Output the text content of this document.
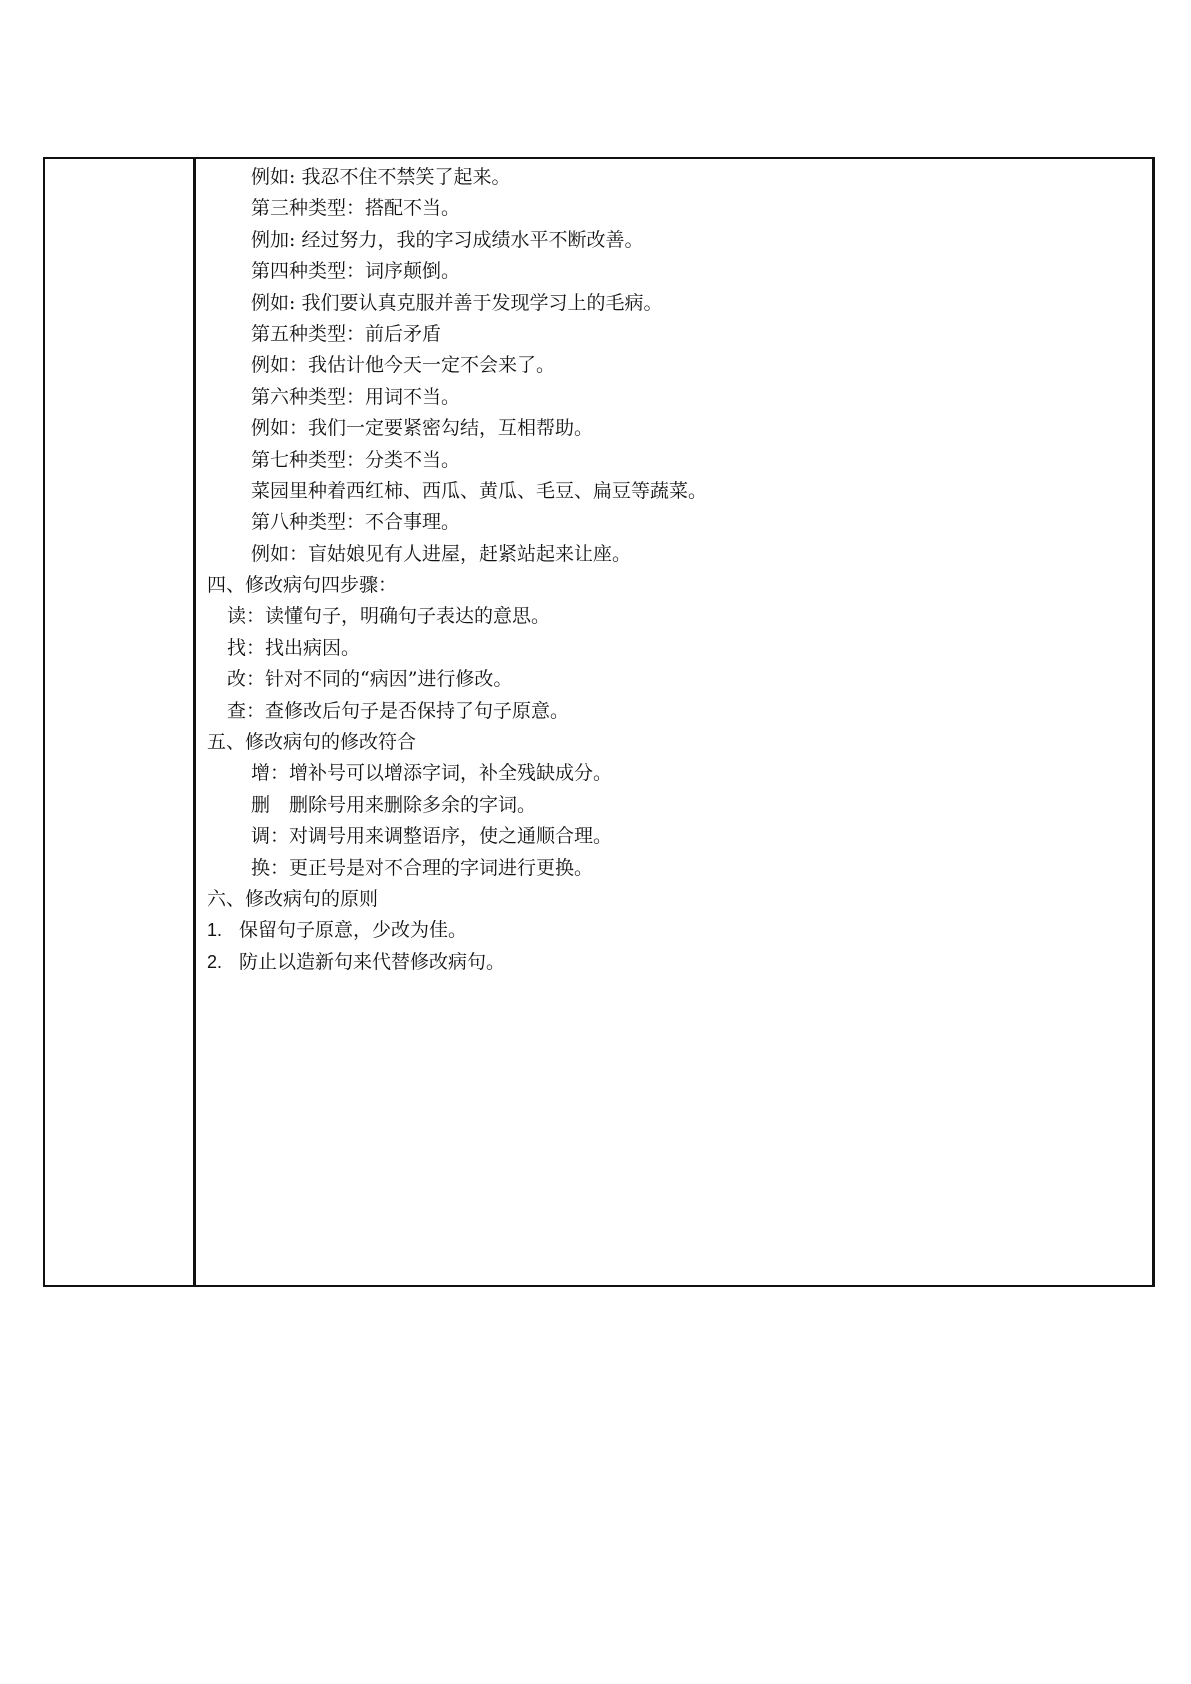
例如: 我忍不住不禁笑了起来。
第三种类型：搭配不当。
例加: 经过努力，我的字习成绩水平不断改善。
第四种类型：词序颠倒。
例如: 我们要认真克服并善于发现学习上的毛病。
第五种类型：前后矛盾
例如：我估计他今天一定不会来了。
第六种类型：用词不当。
例如：我们一定要紧密勾结，互相帮助。
第七种类型：分类不当。
菜园里种着西红柿、西瓜、黄瓜、毛豆、扁豆等蔬菜。
第八种类型：不合事理。
例如：盲姑娘见有人进屋，赶紧站起来让座。
四、修改病句四步骤：
读：读懂句子，明确句子表达的意思。
找：找出病因。
改：针对不同的“病因”进行修改。
查：查修改后句子是否保持了句子原意。
五、修改病句的修改符合
增：增补号可以增添字词，补全残缺成分。
删　删除号用来删除多余的字词。
调：对调号用来调整语序，使之通顺合理。
换：更正号是对不合理的字词进行更换。
六、修改病句的原则
1. 保留句子原意，少改为佳。
2. 防止以造新句来代替修改病句。
